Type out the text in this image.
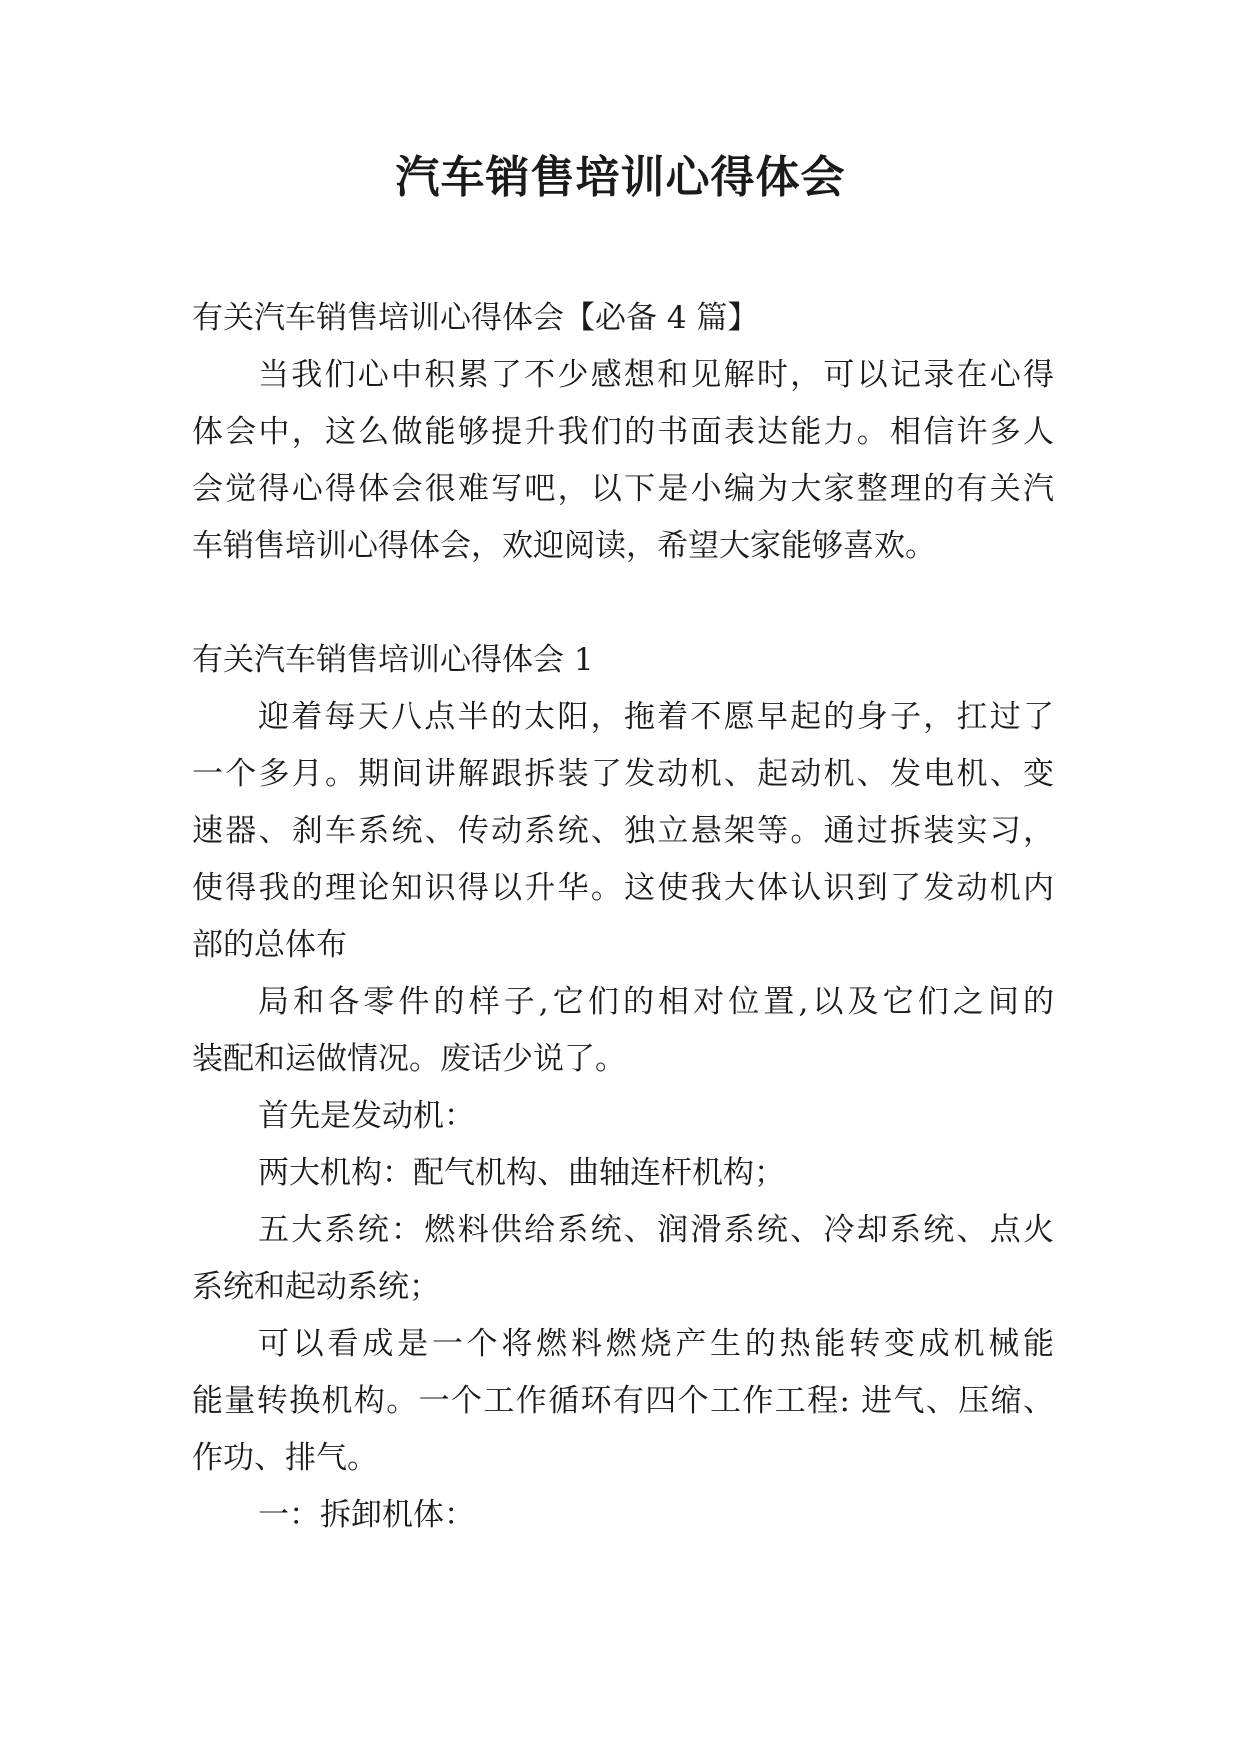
汽车销售培训心得体会
有关汽车销售培训心得体会【必备 4 篇】
当我们心中积累了不少感想和见解时，可以记录在心得
体会中，这么做能够提升我们的书面表达能力。相信许多人
会觉得心得体会很难写吧，以下是小编为大家整理的有关汽
车销售培训心得体会，欢迎阅读，希望大家能够喜欢。
有关汽车销售培训心得体会 1
迎着每天八点半的太阳，拖着不愿早起的身子，扛过了
一个多月。期间讲解跟拆装了发动机、起动机、发电机、变
速器、刹车系统、传动系统、独立悬架等。通过拆装实习，
使得我的理论知识得以升华。这使我大体认识到了发动机内
部的总体布
局和各零件的样子,它们的相对位置,以及它们之间的
装配和运做情况。废话少说了。
首先是发动机：
两大机构：配气机构、曲轴连杆机构；
五大系统：燃料供给系统、润滑系统、冷却系统、点火
系统和起动系统；
可以看成是一个将燃料燃烧产生的热能转变成机械能
能量转换机构。一个工作循环有四个工作工程: 进气、压缩、
作功、排气。
一：拆卸机体：
